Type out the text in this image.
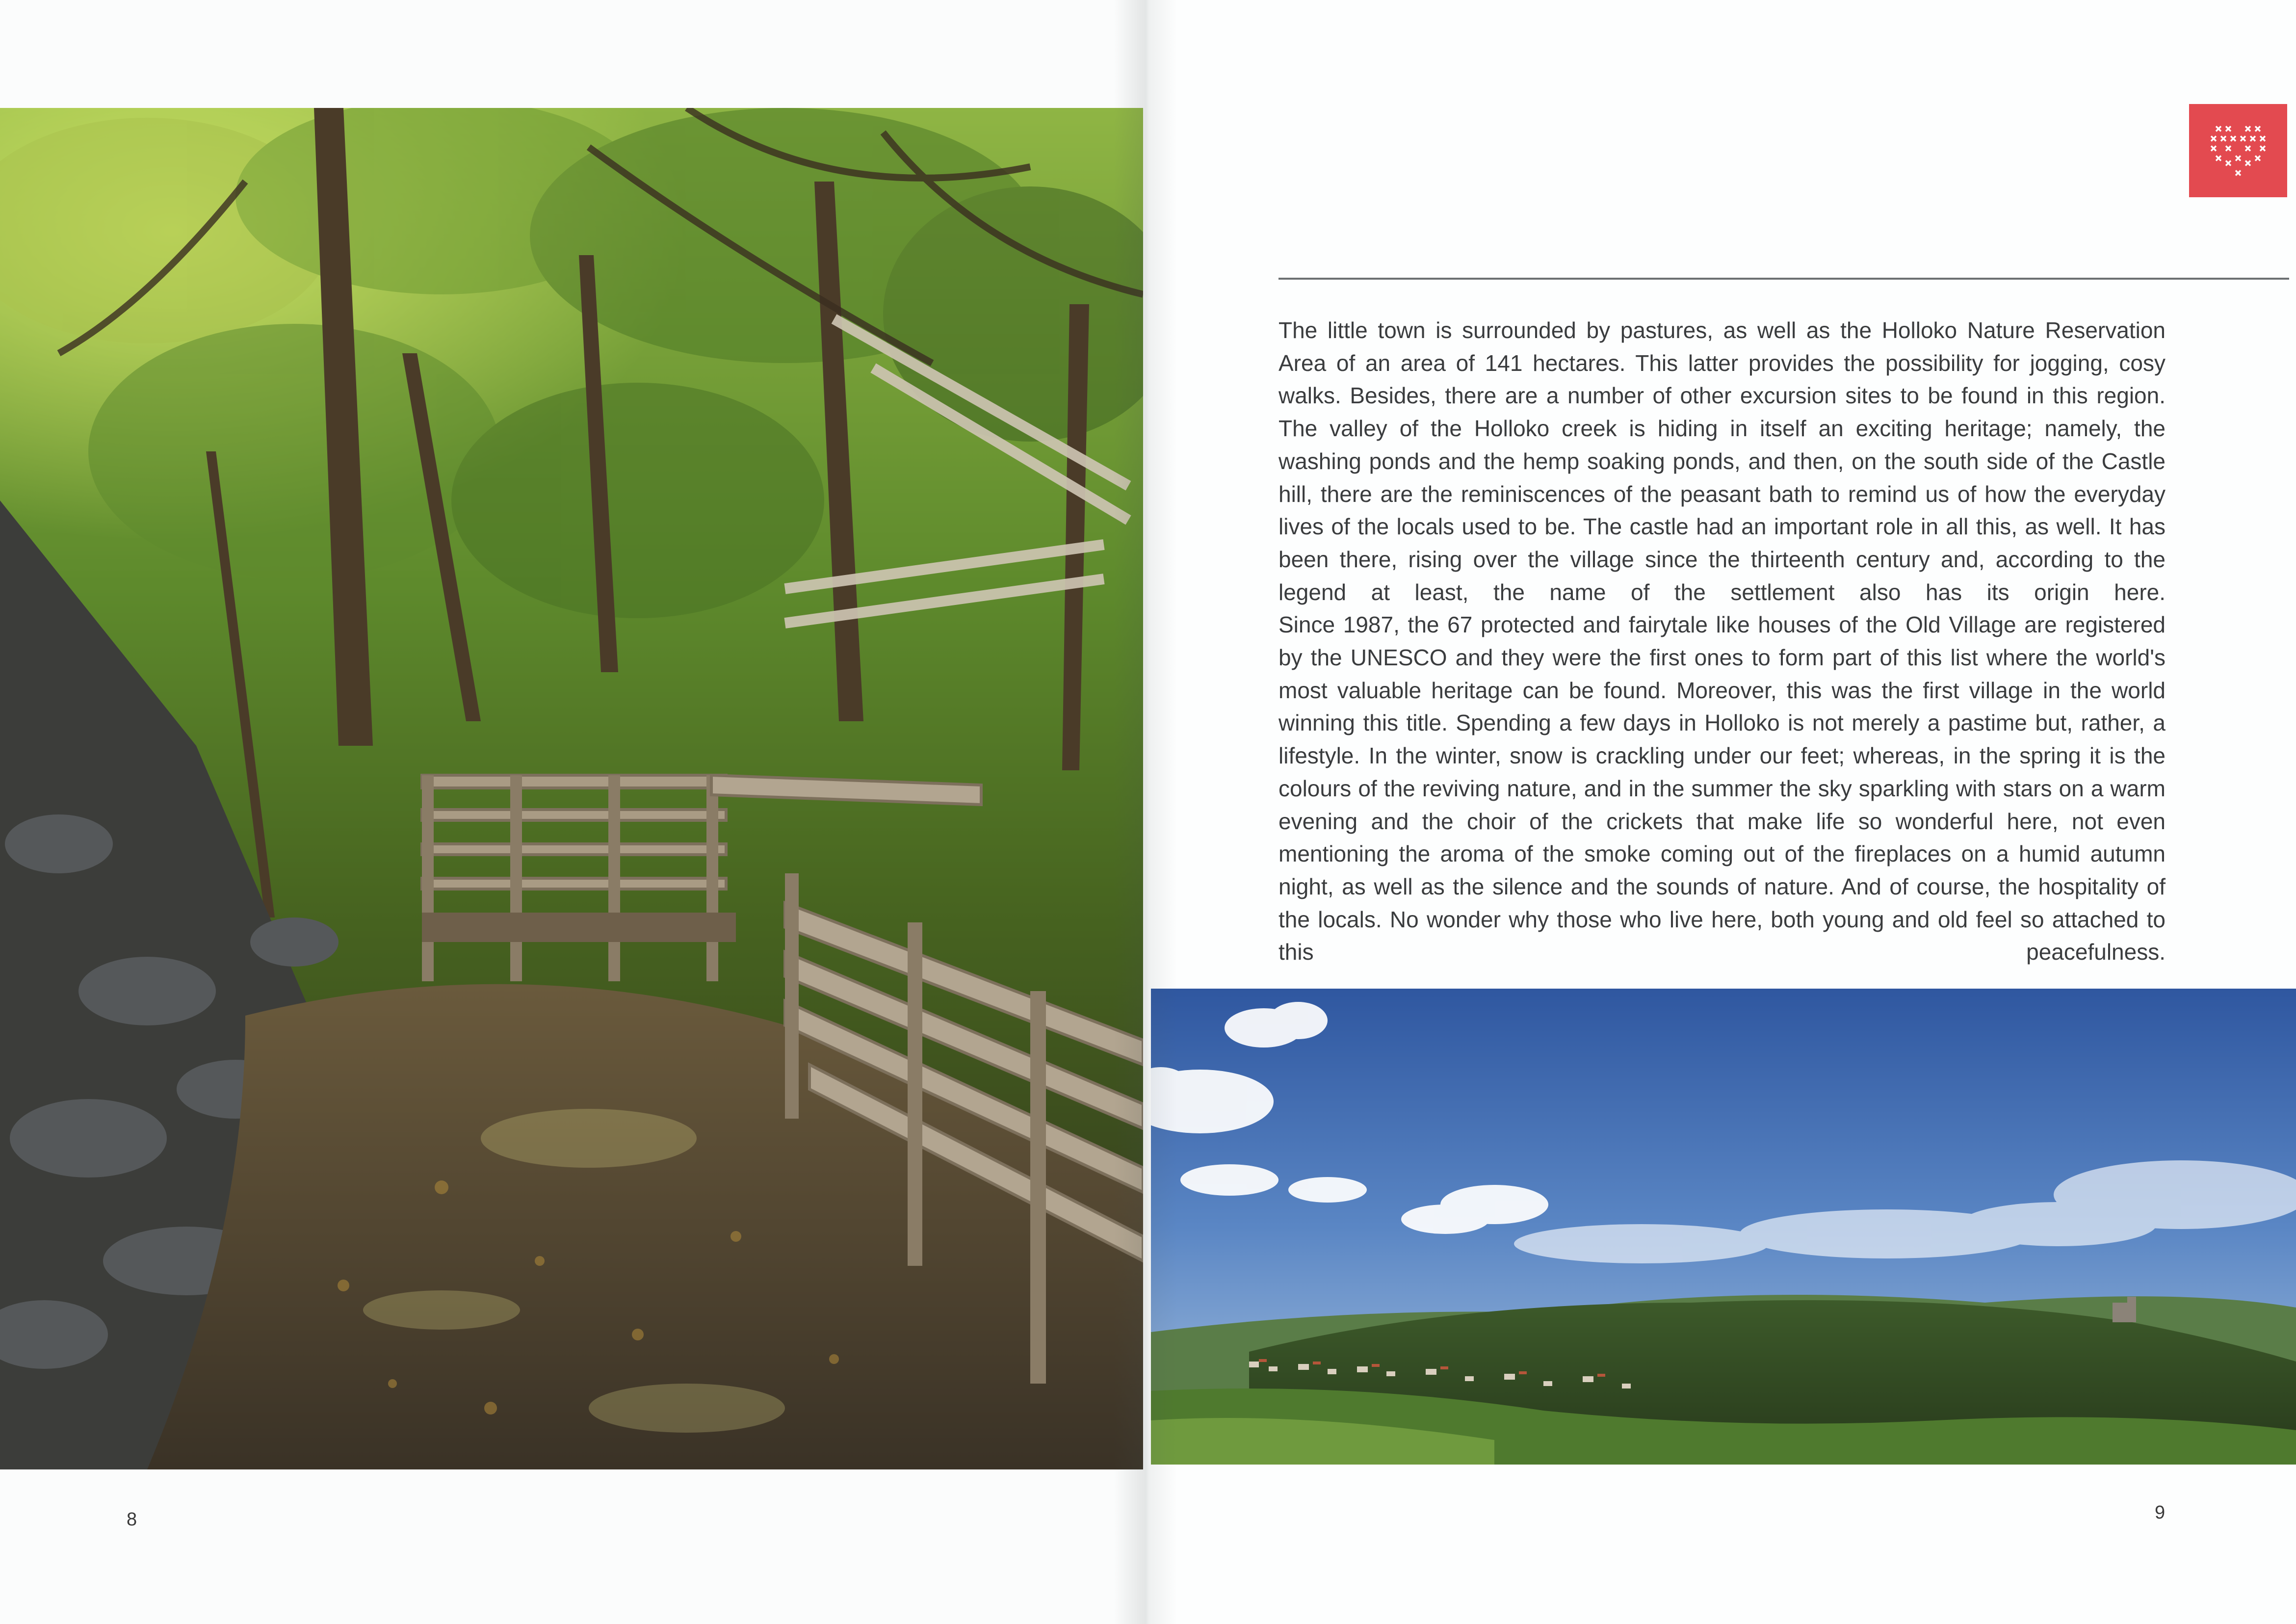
8

The little town is surrounded by pastures, as well as the Holloko Nature Reservation Area of an area of 141 hectares. This latter provides the possibility for jogging, cosy walks. Besides, there are a number of other excursion sites to be found in this region. The valley of the Holloko creek is hiding in itself an exciting heritage; namely, the washing ponds and the hemp soaking ponds, and then, on the south side of the Castle hill, there are the reminiscences of the peasant bath to remind us of how the everyday lives of the locals used to be. The castle had an important role in all this, as well. It has been there, rising over the village since the thirteenth century and, according to the legend at least, the name of the settlement also has its origin here.

Since 1987, the 67 protected and fairytale like houses of the Old Village are registered by the UNESCO and they were the first ones to form part of this list where the world's most valuable heritage can be found. Moreover, this was the first village in the world winning this title. Spending a few days in Holloko is not merely a pastime but, rather, a lifestyle. In the winter, snow is crackling under our feet; whereas, in the spring it is the colours of the reviving nature, and in the summer the sky sparkling with stars on a warm evening and the choir of the crickets that make life so wonderful here, not even mentioning the aroma of the smoke coming out of the fireplaces on a humid autumn night, as well as the silence and the sounds of nature. And of course, the hospitality of the locals. No wonder why those who live here, both young and old feel so attached to this peacefulness.

9
